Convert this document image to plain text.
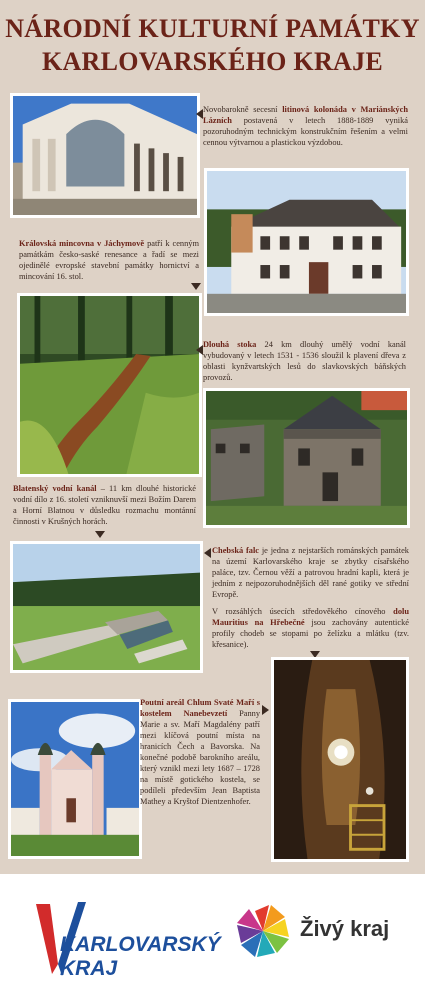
NÁRODNÍ KULTURNÍ PAMÁTKY
KARLOVARSKÉHO KRAJE
Novobarokně secesní litinová kolonáda v Mariánských Lázních postavená v letech 1888-1889 vyniká pozoruhodným technickým konstrukčním řešením a velmi cennou výtvarnou a plastickou výzdobou.
Královská mincovna v Jáchymově patří k cenným památkám česko-saské renesance a řadí se mezi ojedinělé evropské stavební památky hornictví a mincování 16. stol.
Dlouhá stoka 24 km dlouhý umělý vodní kanál vybudovaný v letech 1531 - 1536 sloužil k plavení dřeva z oblasti kynžvartských lesů do slavkovských báňských provozů.
Blatenský vodní kanál – 11 km dlouhé historické vodní dílo z 16. století vzniknuvší mezi Božím Darem a Horní Blatnou v důsledku rozmachu montánní činnosti v Krušných horách.
Chebská falc je jedna z nejstarších románských památek na území Karlovarského kraje se zbytky císařského paláce, tzv. Černou věží a patrovou hradní kapli, která je jedním z nejpozoruhodnějších děl rané gotiky ve střední Evropě.
V rozsáhlých úsecích středověkého cínového dolu Mauritius na Hřebečné jsou zachovány autentické profily chodeb se stopami po želízku a mlátku (tzv. křesanice).
Poutní areál Chlum Svaté Maří s kostelem Nanebevzetí Panny Marie a sv. Maří Magdalény patří mezi klíčová poutní místa na hranicích Čech a Bavorska. Na konečné podobě barokního areálu, který vznikl mezi lety 1687 – 1728 na místě gotického kostela, se podíleli především Jean Baptista Mathey a Kryštof Dientzenhofer.
KARLOVARSKÝ
KRAJ
Živý kraj
